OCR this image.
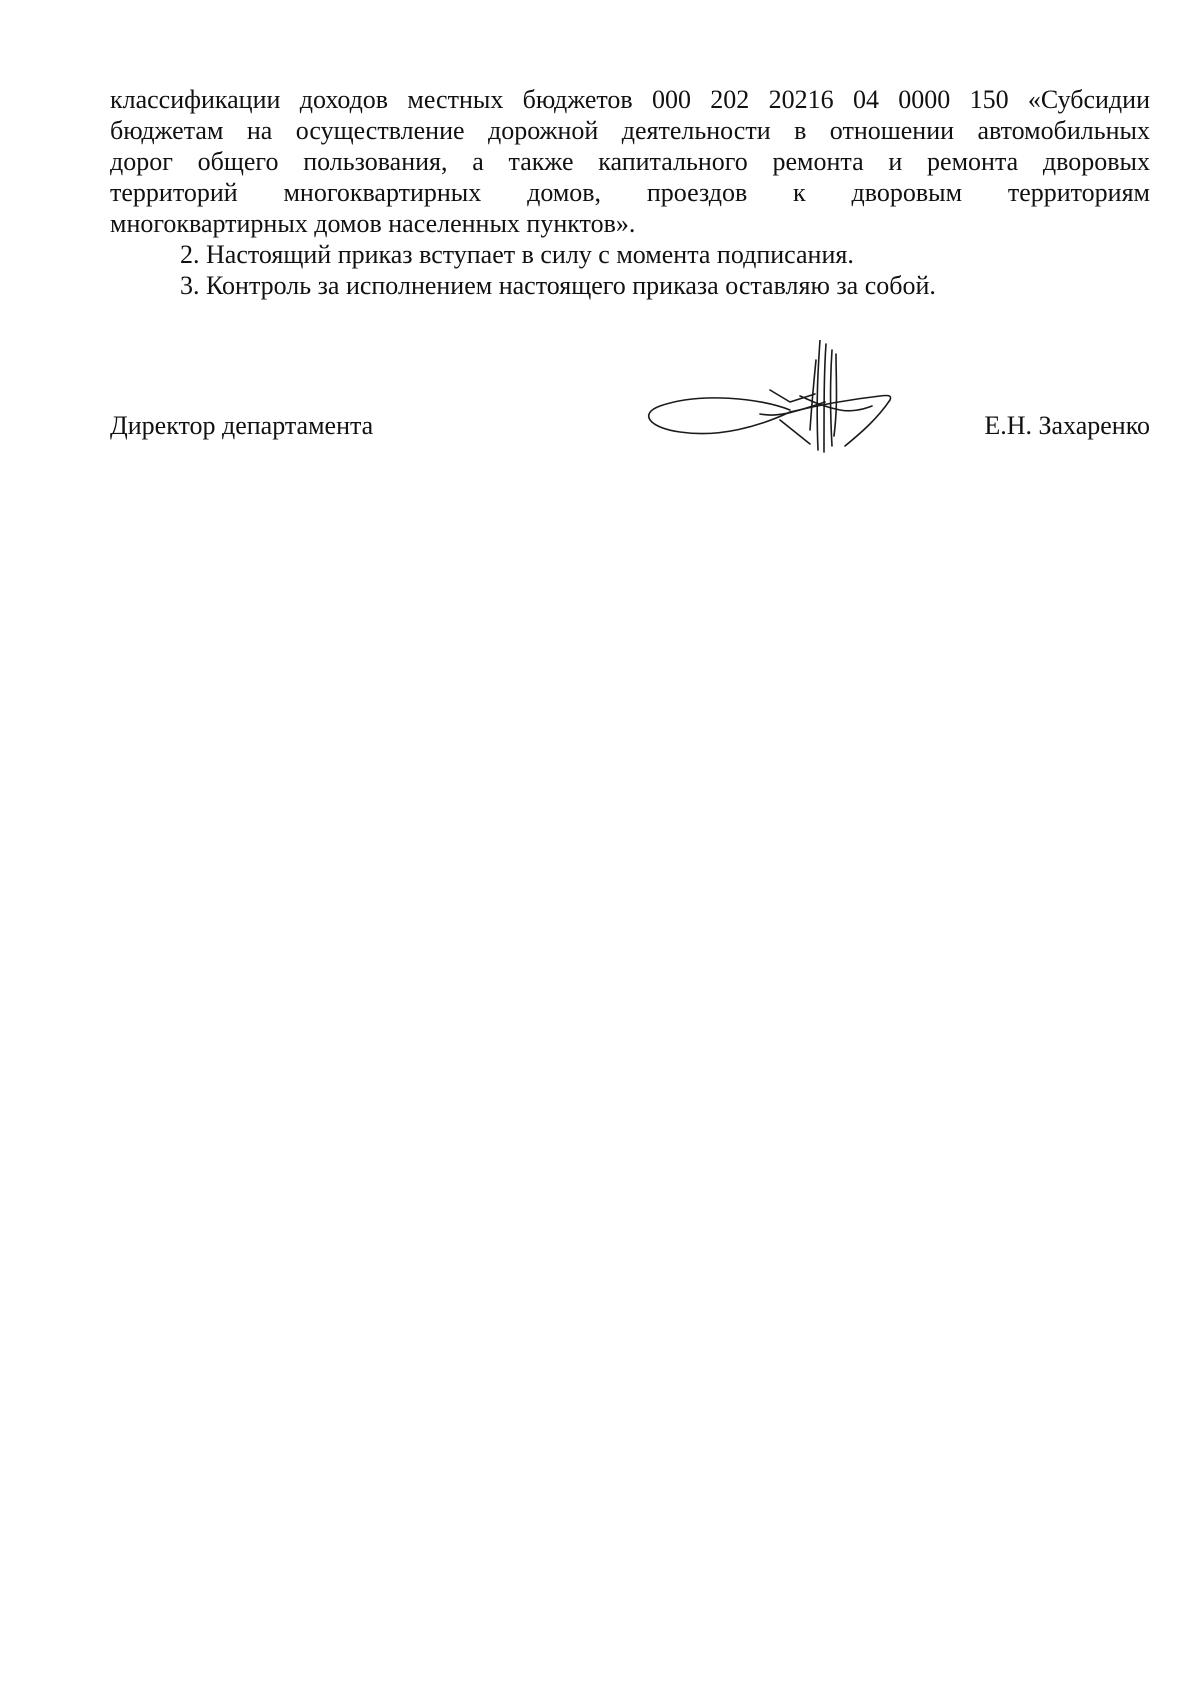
классификации доходов местных бюджетов 000 202 20216 04 0000 150 «Субсидии
бюджетам на осуществление дорожной деятельности в отношении автомобильных
дорог общего пользования, а также капитального ремонта и ремонта дворовых
территорий многоквартирных домов, проездов к дворовым территориям
многоквартирных домов населенных пунктов».

2. Настоящий приказ вступает в силу с момента подписания.

3. Контроль за исполнением настоящего приказа оставляю за собой.

Директор департамента	Е.Н. Захаренко
